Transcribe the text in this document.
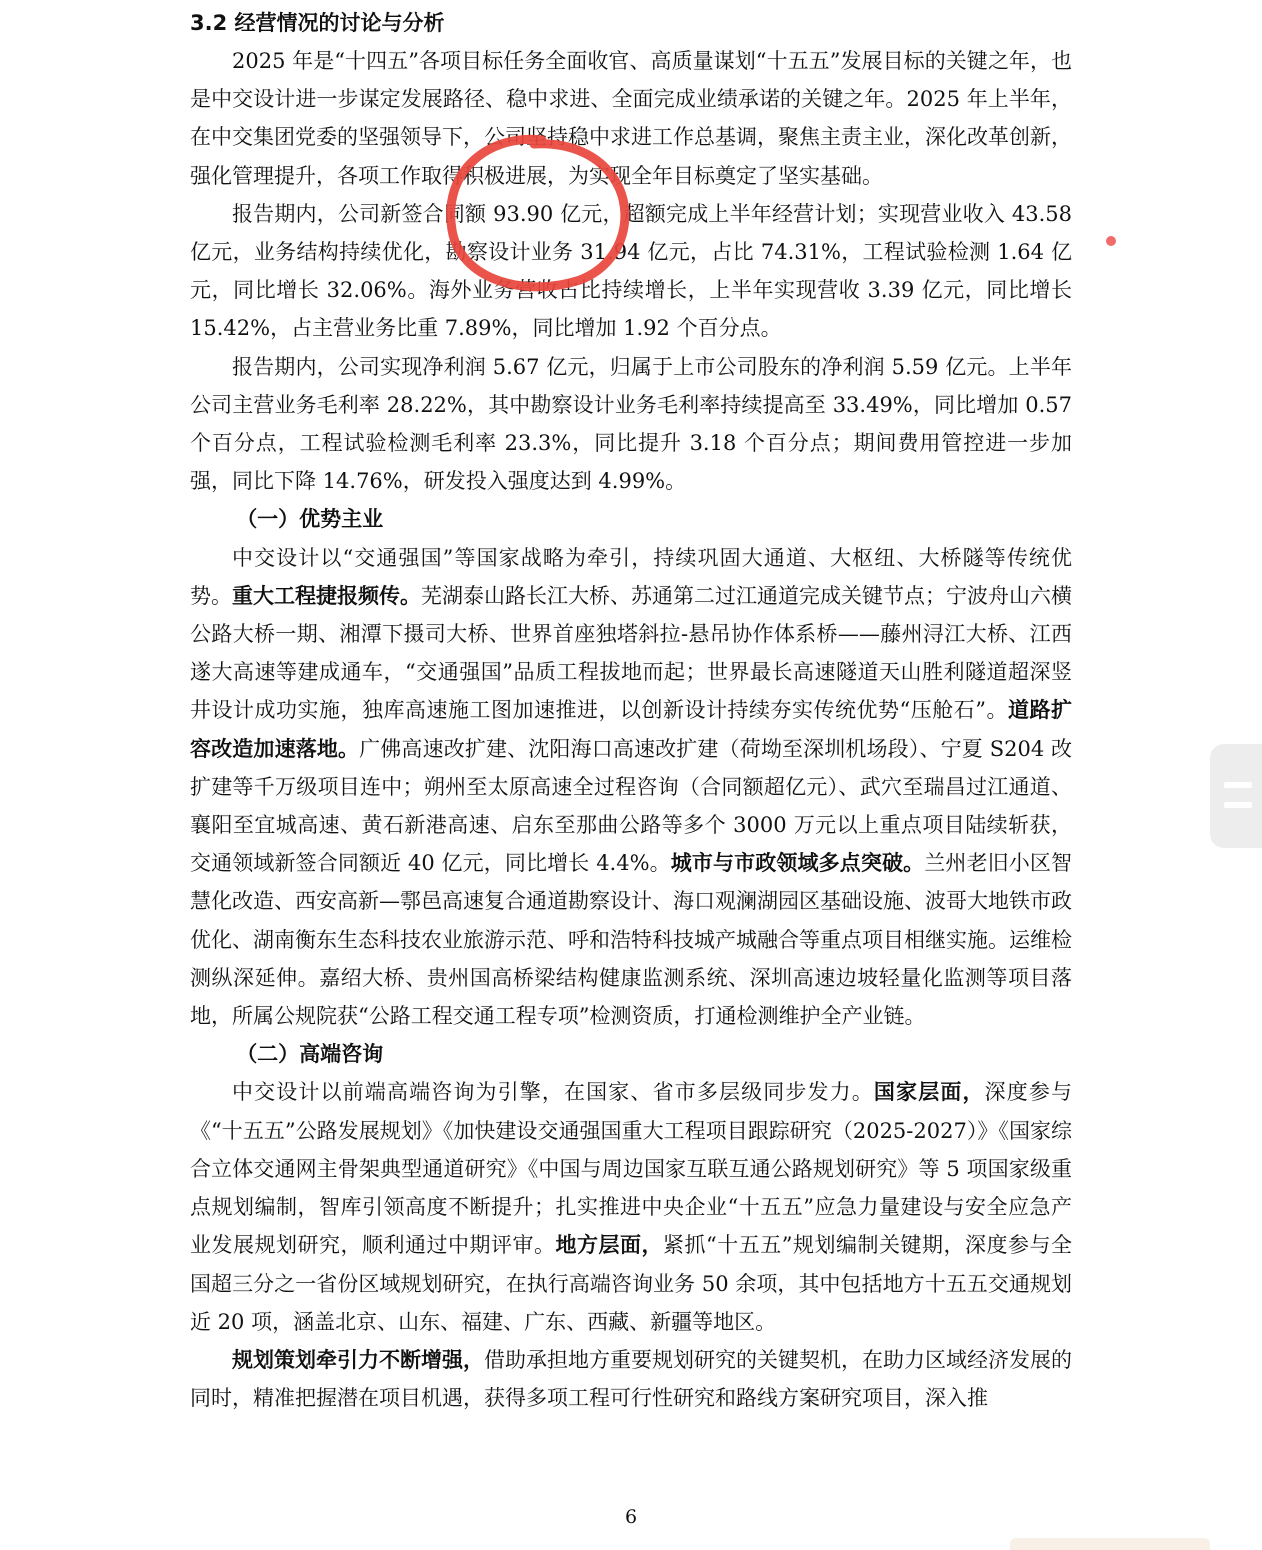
3.2 经营情况的讨论与分析

2025 年是“十四五”各项目标任务全面收官、高质量谋划“十五五”发展目标的关键之年，也是中交设计进一步谋定发展路径、稳中求进、全面完成业绩承诺的关键之年。2025 年上半年，在中交集团党委的坚强领导下，公司坚持稳中求进工作总基调，聚焦主责主业，深化改革创新，强化管理提升，各项工作取得积极进展，为实现全年目标奠定了坚实基础。

报告期内，公司新签合同额 93.90 亿元，超额完成上半年经营计划；实现营业收入 43.58 亿元，业务结构持续优化，勘察设计业务 31.94 亿元，占比 74.31%，工程试验检测 1.64 亿元，同比增长 32.06%。海外业务营收占比持续增长，上半年实现营收 3.39 亿元，同比增长 15.42%，占主营业务比重 7.89%，同比增加 1.92 个百分点。

报告期内，公司实现净利润 5.67 亿元，归属于上市公司股东的净利润 5.59 亿元。上半年公司主营业务毛利率 28.22%，其中勘察设计业务毛利率持续提高至 33.49%，同比增加 0.57 个百分点，工程试验检测毛利率 23.3%，同比提升 3.18 个百分点；期间费用管控进一步加强，同比下降 14.76%，研发投入强度达到 4.99%。

（一）优势主业

中交设计以“交通强国”等国家战略为牵引，持续巩固大通道、大枢纽、大桥隧等传统优势。重大工程捷报频传。芜湖泰山路长江大桥、苏通第二过江通道完成关键节点；宁波舟山六横公路大桥一期、湘潭下摄司大桥、世界首座独塔斜拉-悬吊协作体系桥——藤州浔江大桥、江西遂大高速等建成通车，“交通强国”品质工程拔地而起；世界最长高速隧道天山胜利隧道超深竖井设计成功实施，独库高速施工图加速推进，以创新设计持续夯实传统优势“压舱石”。道路扩容改造加速落地。广佛高速改扩建、沈阳海口高速改扩建（荷坳至深圳机场段）、宁夏 S204 改扩建等千万级项目连中；朔州至太原高速全过程咨询（合同额超亿元）、武穴至瑞昌过江通道、襄阳至宜城高速、黄石新港高速、启东至那曲公路等多个 3000 万元以上重点项目陆续斩获，交通领域新签合同额近 40 亿元，同比增长 4.4%。城市与市政领域多点突破。兰州老旧小区智慧化改造、西安高新—鄠邑高速复合通道勘察设计、海口观澜湖园区基础设施、波哥大地铁市政优化、湖南衡东生态科技农业旅游示范、呼和浩特科技城产城融合等重点项目相继实施。运维检测纵深延伸。嘉绍大桥、贵州国高桥梁结构健康监测系统、深圳高速边坡轻量化监测等项目落地，所属公规院获“公路工程交通工程专项”检测资质，打通检测维护全产业链。

（二）高端咨询

中交设计以前端高端咨询为引擎，在国家、省市多层级同步发力。国家层面，深度参与《“十五五”公路发展规划》《加快建设交通强国重大工程项目跟踪研究（2025-2027）》《国家综合立体交通网主骨架典型通道研究》《中国与周边国家互联互通公路规划研究》等 5 项国家级重点规划编制，智库引领高度不断提升；扎实推进中央企业“十五五”应急力量建设与安全应急产业发展规划研究，顺利通过中期评审。地方层面，紧抓“十五五”规划编制关键期，深度参与全国超三分之一省份区域规划研究，在执行高端咨询业务 50 余项，其中包括地方十五五交通规划近 20 项，涵盖北京、山东、福建、广东、西藏、新疆等地区。

规划策划牵引力不断增强，借助承担地方重要规划研究的关键契机，在助力区域经济发展的同时，精准把握潜在项目机遇，获得多项工程可行性研究和路线方案研究项目，深入推

6
